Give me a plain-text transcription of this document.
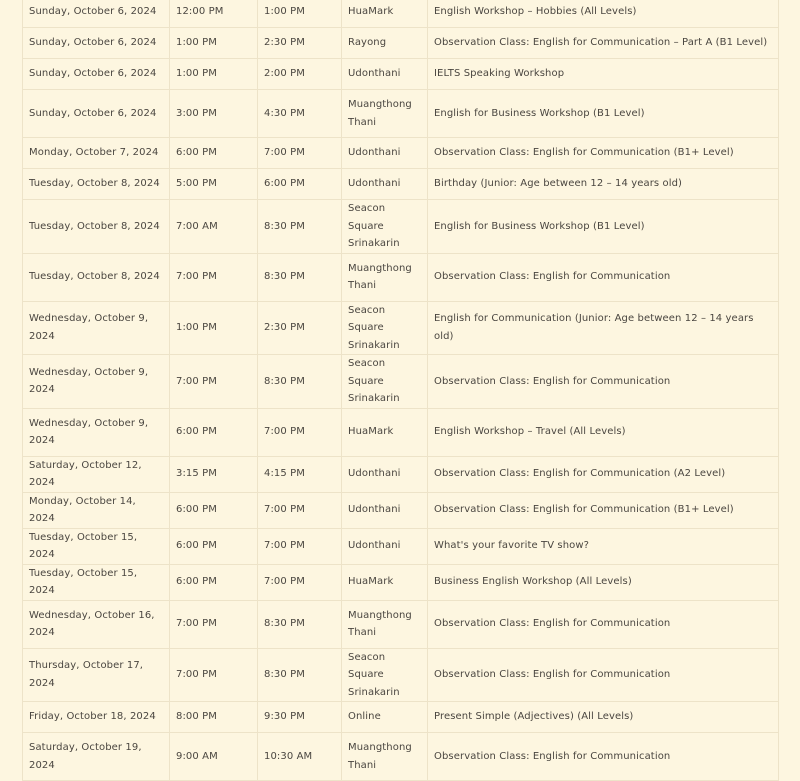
Sunday, October 6, 2024	12:00 PM	1:00 PM	HuaMark	English Workshop – Hobbies (All Levels)
Sunday, October 6, 2024	1:00 PM	2:30 PM	Rayong	Observation Class: English for Communication – Part A (B1 Level)
Sunday, October 6, 2024	1:00 PM	2:00 PM	Udonthani	IELTS Speaking Workshop
Sunday, October 6, 2024	3:00 PM	4:30 PM	Muangthong Thani	English for Business Workshop (B1 Level)
Monday, October 7, 2024	6:00 PM	7:00 PM	Udonthani	Observation Class: English for Communication (B1+ Level)
Tuesday, October 8, 2024	5:00 PM	6:00 PM	Udonthani	Birthday (Junior: Age between 12 – 14 years old)
Tuesday, October 8, 2024	7:00 AM	8:30 PM	Seacon Square Srinakarin	English for Business Workshop (B1 Level)
Tuesday, October 8, 2024	7:00 PM	8:30 PM	Muangthong Thani	Observation Class: English for Communication
Wednesday, October 9, 2024	1:00 PM	2:30 PM	Seacon Square Srinakarin	English for Communication (Junior: Age between 12 – 14 years old)
Wednesday, October 9, 2024	7:00 PM	8:30 PM	Seacon Square Srinakarin	Observation Class: English for Communication
Wednesday, October 9, 2024	6:00 PM	7:00 PM	HuaMark	English Workshop – Travel (All Levels)
Saturday, October 12, 2024	3:15 PM	4:15 PM	Udonthani	Observation Class: English for Communication (A2 Level)
Monday, October 14, 2024	6:00 PM	7:00 PM	Udonthani	Observation Class: English for Communication (B1+ Level)
Tuesday, October 15, 2024	6:00 PM	7:00 PM	Udonthani	What's your favorite TV show?
Tuesday, October 15, 2024	6:00 PM	7:00 PM	HuaMark	Business English Workshop (All Levels)
Wednesday, October 16, 2024	7:00 PM	8:30 PM	Muangthong Thani	Observation Class: English for Communication
Thursday, October 17, 2024	7:00 PM	8:30 PM	Seacon Square Srinakarin	Observation Class: English for Communication
Friday, October 18, 2024	8:00 PM	9:30 PM	Online	Present Simple (Adjectives) (All Levels)
Saturday, October 19, 2024	9:00 AM	10:30 AM	Muangthong Thani	Observation Class: English for Communication
